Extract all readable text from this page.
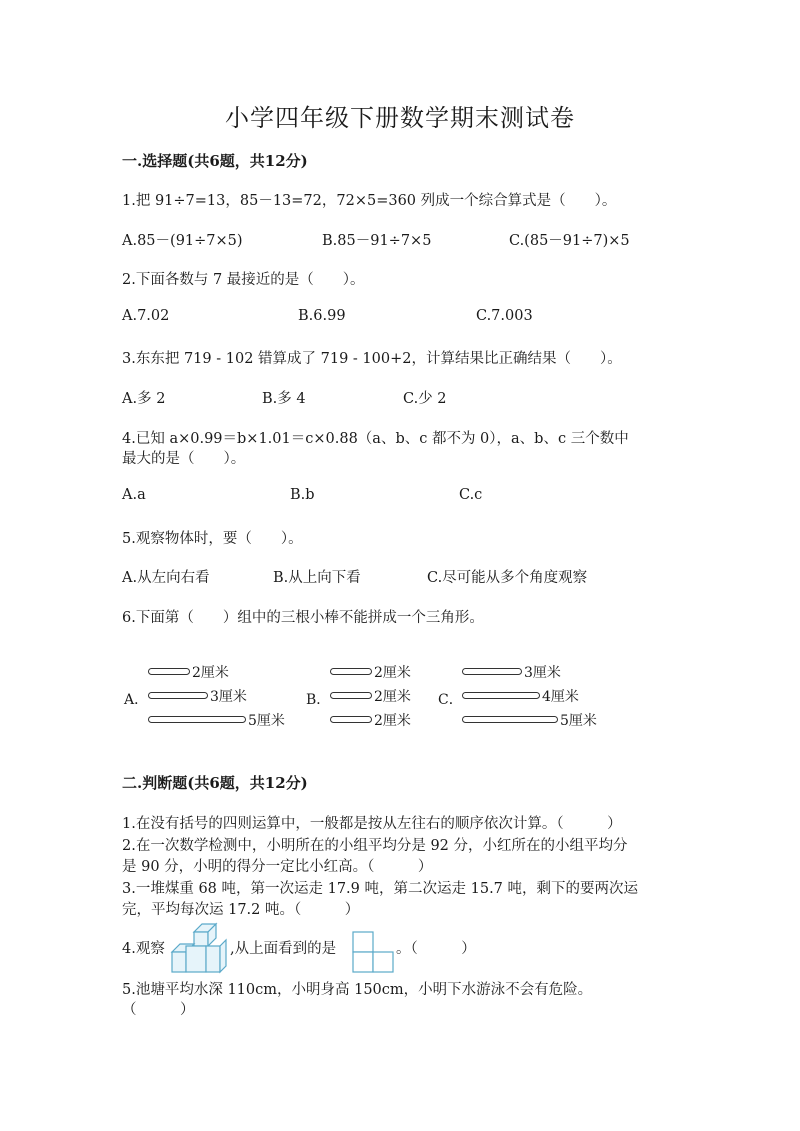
小学四年级下册数学期末测试卷
一.选择题(共6题，共12分)
1.把 91÷7=13，85－13=72，72×5=360 列成一个综合算式是（　　）。
A.85－(91÷7×5)	B.85－91÷7×5	C.(85－91÷7)×5
2.下面各数与 7 最接近的是（　　）。
A.7.02	B.6.99	C.7.003
3.东东把 719 - 102 错算成了 719 - 100+2，计算结果比正确结果（　　）。
A.多 2	B.多 4	C.少 2
4.已知 a×0.99＝b×1.01＝c×0.88（a、b、c 都不为 0），a、b、c 三个数中
最大的是（　　）。
A.a	B.b	C.c
5.观察物体时，要（　　）。
A.从左向右看	B.从上向下看	C.尽可能从多个角度观察
6.下面第（　　）组中的三根小棒不能拼成一个三角形。
A．
2厘米
3厘米
5厘米
B．
2厘米
2厘米
2厘米
C．
3厘米
4厘米
5厘米
二.判断题(共6题，共12分)
1.在没有括号的四则运算中，一般都是按从左往右的顺序依次计算。（　　　）
2.在一次数学检测中，小明所在的小组平均分是 92 分，小红所在的小组平均分
是 90 分，小明的得分一定比小红高。（　　　）
3.一堆煤重 68 吨，第一次运走 17.9 吨，第二次运走 15.7 吨，剩下的要两次运
完，平均每次运 17.2 吨。（　　　）
4.观察	,从上面看到的是	。（　　　）
5.池塘平均水深 110cm，小明身高 150cm，小明下水游泳不会有危险。
（　　　）
